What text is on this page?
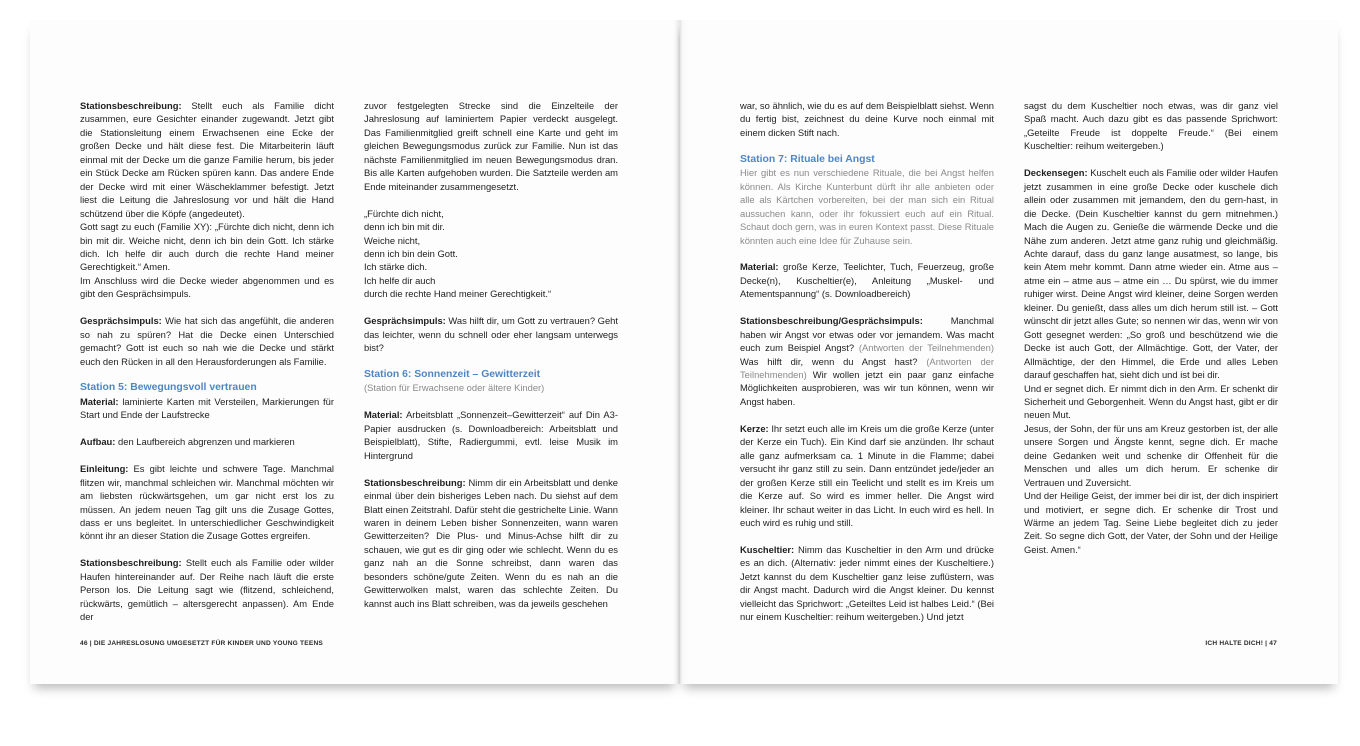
Stationsbeschreibung: Stellt euch als Familie dicht zusammen, eure Gesichter einander zugewandt. Jetzt gibt die Stationsleitung einem Erwachsenen eine Ecke der großen Decke und hält diese fest. Die Mitarbeiterin läuft einmal mit der Decke um die ganze Familie herum, bis jeder ein Stück Decke am Rücken spüren kann. Das andere Ende der Decke wird mit einer Wäscheklammer befestigt. Jetzt liest die Leitung die Jahreslosung vor und hält die Hand schützend über die Köpfe (angedeutet).
Gott sagt zu euch (Familie XY): „Fürchte dich nicht, denn ich bin mit dir. Weiche nicht, denn ich bin dein Gott. Ich stärke dich. Ich helfe dir auch durch die rechte Hand meiner Gerechtigkeit.“ Amen.
Im Anschluss wird die Decke wieder abgenommen und es gibt den Gesprächsimpuls.

Gesprächsimpuls: Wie hat sich das angefühlt, die anderen so nah zu spüren? Hat die Decke einen Unterschied gemacht? Gott ist euch so nah wie die Decke und stärkt euch den Rücken in all den Herausforderungen als Familie.

Station 5: Bewegungsvoll vertrauen
Material: laminierte Karten mit Versteilen, Markierungen für Start und Ende der Laufstrecke

Aufbau: den Laufbereich abgrenzen und markieren

Einleitung: Es gibt leichte und schwere Tage. Manchmal flitzen wir, manchmal schleichen wir. Manchmal möchten wir am liebsten rückwärtsgehen, um gar nicht erst los zu müssen. An jedem neuen Tag gilt uns die Zusage Gottes, dass er uns begleitet. In unterschiedlicher Geschwindigkeit könnt ihr an dieser Station die Zusage Gottes ergreifen.

Stationsbeschreibung: Stellt euch als Familie oder wilder Haufen hintereinander auf. Der Reihe nach läuft die erste Person los. Die Leitung sagt wie (flitzend, schleichend, rückwärts, gemütlich – altersgerecht anpassen). Am Ende der

zuvor festgelegten Strecke sind die Einzelteile der Jahreslosung auf laminiertem Papier verdeckt ausgelegt. Das Familienmitglied greift schnell eine Karte und geht im gleichen Bewegungsmodus zurück zur Familie. Nun ist das nächste Familienmitglied im neuen Bewegungsmodus dran. Bis alle Karten aufgehoben wurden. Die Satzteile werden am Ende miteinander zusammengesetzt.

„Fürchte dich nicht,
denn ich bin mit dir.
Weiche nicht,
denn ich bin dein Gott.
Ich stärke dich.
Ich helfe dir auch
durch die rechte Hand meiner Gerechtigkeit.“

Gesprächsimpuls: Was hilft dir, um Gott zu vertrauen? Geht das leichter, wenn du schnell oder eher langsam unterwegs bist?

Station 6: Sonnenzeit – Gewitterzeit
(Station für Erwachsene oder ältere Kinder)

Material: Arbeitsblatt „Sonnenzeit–Gewitterzeit“ auf Din A3-Papier ausdrucken (s. Downloadbereich: Arbeitsblatt und Beispielblatt), Stifte, Radiergummi, evtl. leise Musik im Hintergrund

Stationsbeschreibung: Nimm dir ein Arbeitsblatt und denke einmal über dein bisheriges Leben nach. Du siehst auf dem Blatt einen Zeitstrahl. Dafür steht die gestrichelte Linie. Wann waren in deinem Leben bisher Sonnenzeiten, wann waren Gewitterzeiten? Die Plus- und Minus-Achse hilft dir zu schauen, wie gut es dir ging oder wie schlecht. Wenn du es ganz nah an die Sonne schreibst, dann waren das besonders schöne/gute Zeiten. Wenn du es nah an die Gewitterwolken malst, waren das schlechte Zeiten. Du kannst auch ins Blatt schreiben, was da jeweils geschehen

war, so ähnlich, wie du es auf dem Beispielblatt siehst. Wenn du fertig bist, zeichnest du deine Kurve noch einmal mit einem dicken Stift nach.

Station 7: Rituale bei Angst
Hier gibt es nun verschiedene Rituale, die bei Angst helfen können. Als Kirche Kunterbunt dürft ihr alle anbieten oder alle als Kärtchen vorbereiten, bei der man sich ein Ritual aussuchen kann, oder ihr fokussiert euch auf ein Ritual. Schaut doch gern, was in euren Kontext passt. Diese Rituale könnten auch eine Idee für Zuhause sein.

Material: große Kerze, Teelichter, Tuch, Feuerzeug, große Decke(n), Kuscheltier(e), Anleitung „Muskel- und Atementspannung“ (s. Downloadbereich)

Stationsbeschreibung/Gesprächsimpuls: Manchmal haben wir Angst vor etwas oder vor jemandem. Was macht euch zum Beispiel Angst? (Antworten der Teilnehmenden) Was hilft dir, wenn du Angst hast? (Antworten der Teilnehmenden) Wir wollen jetzt ein paar ganz einfache Möglichkeiten ausprobieren, was wir tun können, wenn wir Angst haben.

Kerze: Ihr setzt euch alle im Kreis um die große Kerze (unter der Kerze ein Tuch). Ein Kind darf sie anzünden. Ihr schaut alle ganz aufmerksam ca. 1 Minute in die Flamme; dabei versucht ihr ganz still zu sein. Dann entzündet jede/jeder an der großen Kerze still ein Teelicht und stellt es im Kreis um die Kerze auf. So wird es immer heller. Die Angst wird kleiner. Ihr schaut weiter in das Licht. In euch wird es hell. In euch wird es ruhig und still.

Kuscheltier: Nimm das Kuscheltier in den Arm und drücke es an dich. (Alternativ: jeder nimmt eines der Kuscheltiere.) Jetzt kannst du dem Kuscheltier ganz leise zuflüstern, was dir Angst macht. Dadurch wird die Angst kleiner. Du kennst vielleicht das Sprichwort: „Geteiltes Leid ist halbes Leid.“ (Bei nur einem Kuscheltier: reihum weitergeben.) Und jetzt

sagst du dem Kuscheltier noch etwas, was dir ganz viel Spaß macht. Auch dazu gibt es das passende Sprichwort: „Geteilte Freude ist doppelte Freude.“ (Bei einem Kuscheltier: reihum weitergeben.)

Deckensegen: Kuschelt euch als Familie oder wilder Haufen jetzt zusammen in eine große Decke oder kuschele dich allein oder zusammen mit jemandem, den du gern-hast, in die Decke. (Dein Kuscheltier kannst du gern mitnehmen.) Mach die Augen zu. Genieße die wärmende Decke und die Nähe zum anderen. Jetzt atme ganz ruhig und gleichmäßig. Achte darauf, dass du ganz lange ausatmest, so lange, bis kein Atem mehr kommt. Dann atme wieder ein. Atme aus – atme ein – atme aus – atme ein … Du spürst, wie du immer ruhiger wirst. Deine Angst wird kleiner, deine Sorgen werden kleiner. Du genießt, dass alles um dich herum still ist. – Gott wünscht dir jetzt alles Gute; so nennen wir das, wenn wir von Gott gesegnet werden: „So groß und beschützend wie die Decke ist auch Gott, der Allmächtige. Gott, der Vater, der Allmächtige, der den Himmel, die Erde und alles Leben darauf geschaffen hat, sieht dich und ist bei dir.
Und er segnet dich. Er nimmt dich in den Arm. Er schenkt dir Sicherheit und Geborgenheit. Wenn du Angst hast, gibt er dir neuen Mut.
Jesus, der Sohn, der für uns am Kreuz gestorben ist, der alle unsere Sorgen und Ängste kennt, segne dich. Er mache deine Gedanken weit und schenke dir Offenheit für die Menschen und alles um dich herum. Er schenke dir Vertrauen und Zuversicht.
Und der Heilige Geist, der immer bei dir ist, der dich inspiriert und motiviert, er segne dich. Er schenke dir Trost und Wärme an jedem Tag. Seine Liebe begleitet dich zu jeder Zeit. So segne dich Gott, der Vater, der Sohn und der Heilige Geist. Amen.“

46 | DIE JAHRESLOSUNG UMGESETZT FÜR KINDER UND YOUNG TEENS	ICH HALTE DICH! | 47
